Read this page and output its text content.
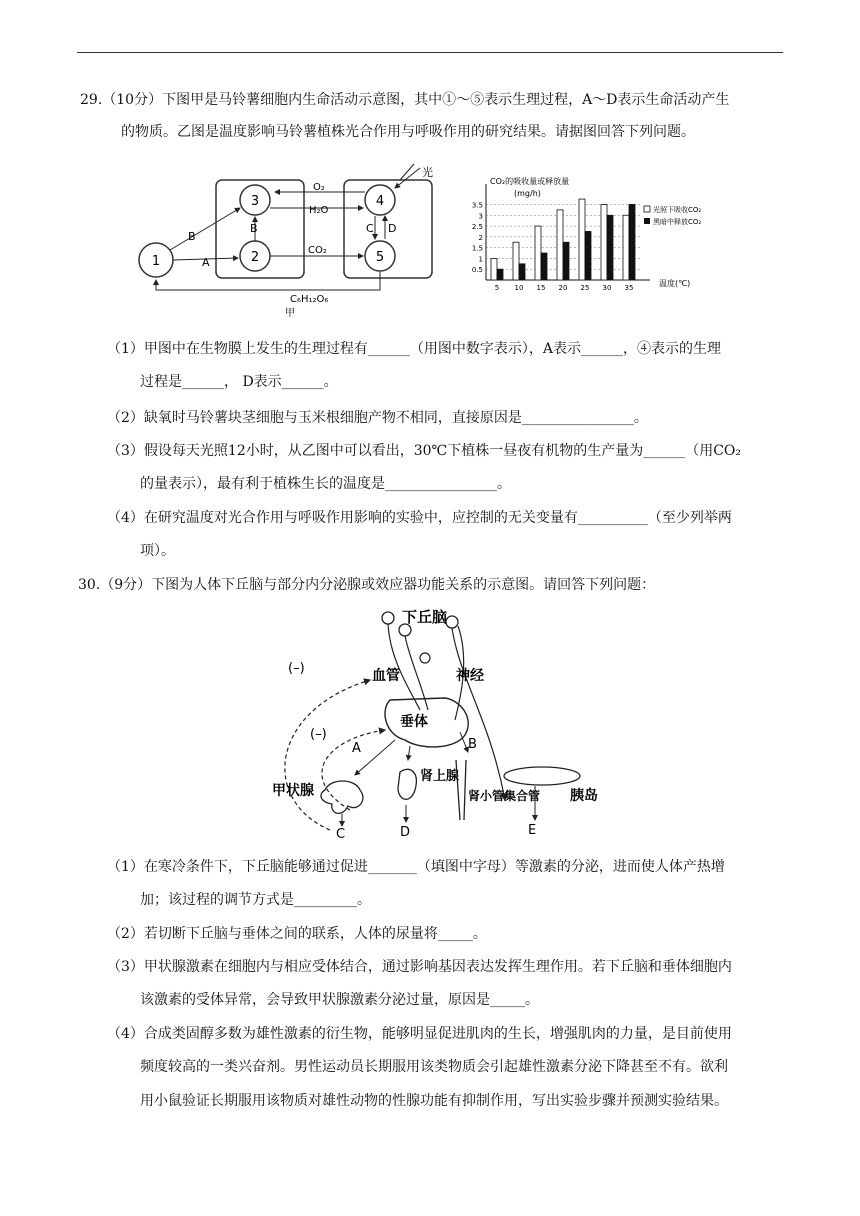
29.（10分）下图甲是马铃薯细胞内生命活动示意图，其中①～⑤表示生理过程，A～D表示生命活动产生
的物质。乙图是温度影响马铃薯植株光合作用与呼吸作用的研究结果。请据图回答下列问题。
1	2
3	4
5
A
B
B	C D
O₂
H₂O
CO₂
C₆H₁₂O₆
光
甲
CO₂的吸收量或释放量
(mg/h)
温度(℃)
光照下吸收CO₂
黑暗中释放CO₂
0.5
1
1.5
2
2.5
3
3.5
5 10 15 20 25 30 35
（1）甲图中在生物膜上发生的生理过程有______（用图中数字表示），A表示______，④表示的生理
过程是______， D表示______。
（2）缺氧时马铃薯块茎细胞与玉米根细胞产物不相同，直接原因是________________。
（3）假设每天光照12小时，从乙图中可以看出，30℃下植株一昼夜有机物的生产量为______（用CO₂
的量表示），最有利于植株生长的温度是________________。
（4）在研究温度对光合作用与呼吸作用影响的实验中，应控制的无关变量有__________（至少列举两
项）。
30.（9分）下图为人体下丘脑与部分内分泌腺或效应器功能关系的示意图。请回答下列问题：
下丘脑
血管	神经
垂体
(–)
(–)
A	B
甲状腺
C
肾上腺
D
肾小管集合管 胰岛
E
（1）在寒冷条件下，下丘脑能够通过促进_______（填图中字母）等激素的分泌，进而使人体产热增
加；该过程的调节方式是_________。
（2）若切断下丘脑与垂体之间的联系，人体的尿量将_____。
（3）甲状腺激素在细胞内与相应受体结合，通过影响基因表达发挥生理作用。若下丘脑和垂体细胞内
该激素的受体异常，会导致甲状腺激素分泌过量，原因是_____。
（4）合成类固醇多数为雄性激素的衍生物，能够明显促进肌肉的生长，增强肌肉的力量，是目前使用
频度较高的一类兴奋剂。男性运动员长期服用该类物质会引起雄性激素分泌下降甚至不有。欲利
用小鼠验证长期服用该物质对雄性动物的性腺功能有抑制作用，写出实验步骤并预测实验结果。
